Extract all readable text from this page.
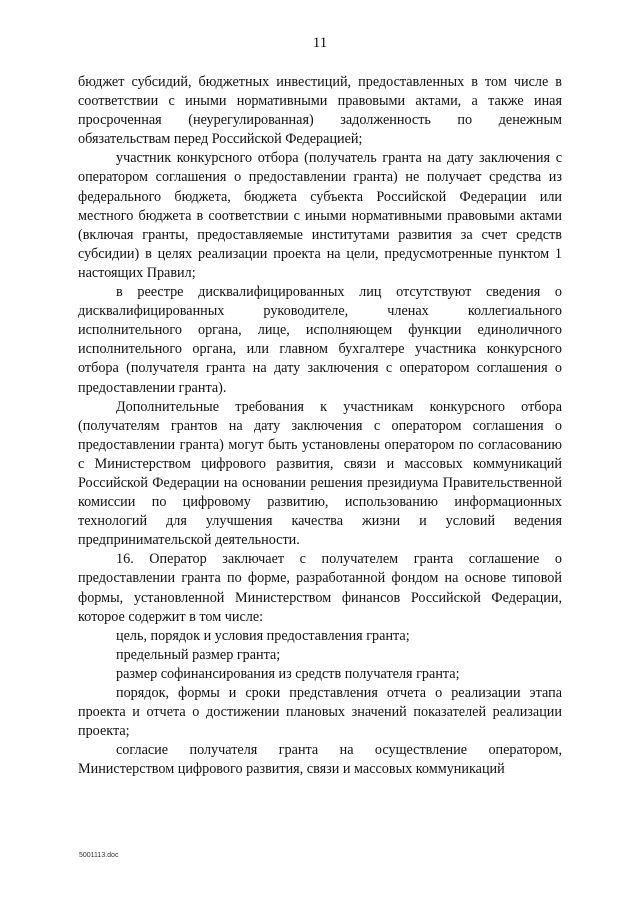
11

бюджет субсидий, бюджетных инвестиций, предоставленных в том числе в соответствии с иными нормативными правовыми актами, а также иная просроченная (неурегулированная) задолженность по денежным обязательствам перед Российской Федерацией;

участник конкурсного отбора (получатель гранта на дату заключения с оператором соглашения о предоставлении гранта) не получает средства из федерального бюджета, бюджета субъекта Российской Федерации или местного бюджета в соответствии с иными нормативными правовыми актами (включая гранты, предоставляемые институтами развития за счет средств субсидии) в целях реализации проекта на цели, предусмотренные пунктом 1 настоящих Правил;

в реестре дисквалифицированных лиц отсутствуют сведения о дисквалифицированных руководителе, членах коллегиального исполнительного органа, лице, исполняющем функции единоличного исполнительного органа, или главном бухгалтере участника конкурсного отбора (получателя гранта на дату заключения с оператором соглашения о предоставлении гранта).

Дополнительные требования к участникам конкурсного отбора (получателям грантов на дату заключения с оператором соглашения о предоставлении гранта) могут быть установлены оператором по согласованию с Министерством цифрового развития, связи и массовых коммуникаций Российской Федерации на основании решения президиума Правительственной комиссии по цифровому развитию, использованию информационных технологий для улучшения качества жизни и условий ведения предпринимательской деятельности.

16. Оператор заключает с получателем гранта соглашение о предоставлении гранта по форме, разработанной фондом на основе типовой формы, установленной Министерством финансов Российской Федерации, которое содержит в том числе:

цель, порядок и условия предоставления гранта;

предельный размер гранта;

размер софинансирования из средств получателя гранта;

порядок, формы и сроки представления отчета о реализации этапа проекта и отчета о достижении плановых значений показателей реализации проекта;

согласие получателя гранта на осуществление оператором, Министерством цифрового развития, связи и массовых коммуникаций

5001113.doc
